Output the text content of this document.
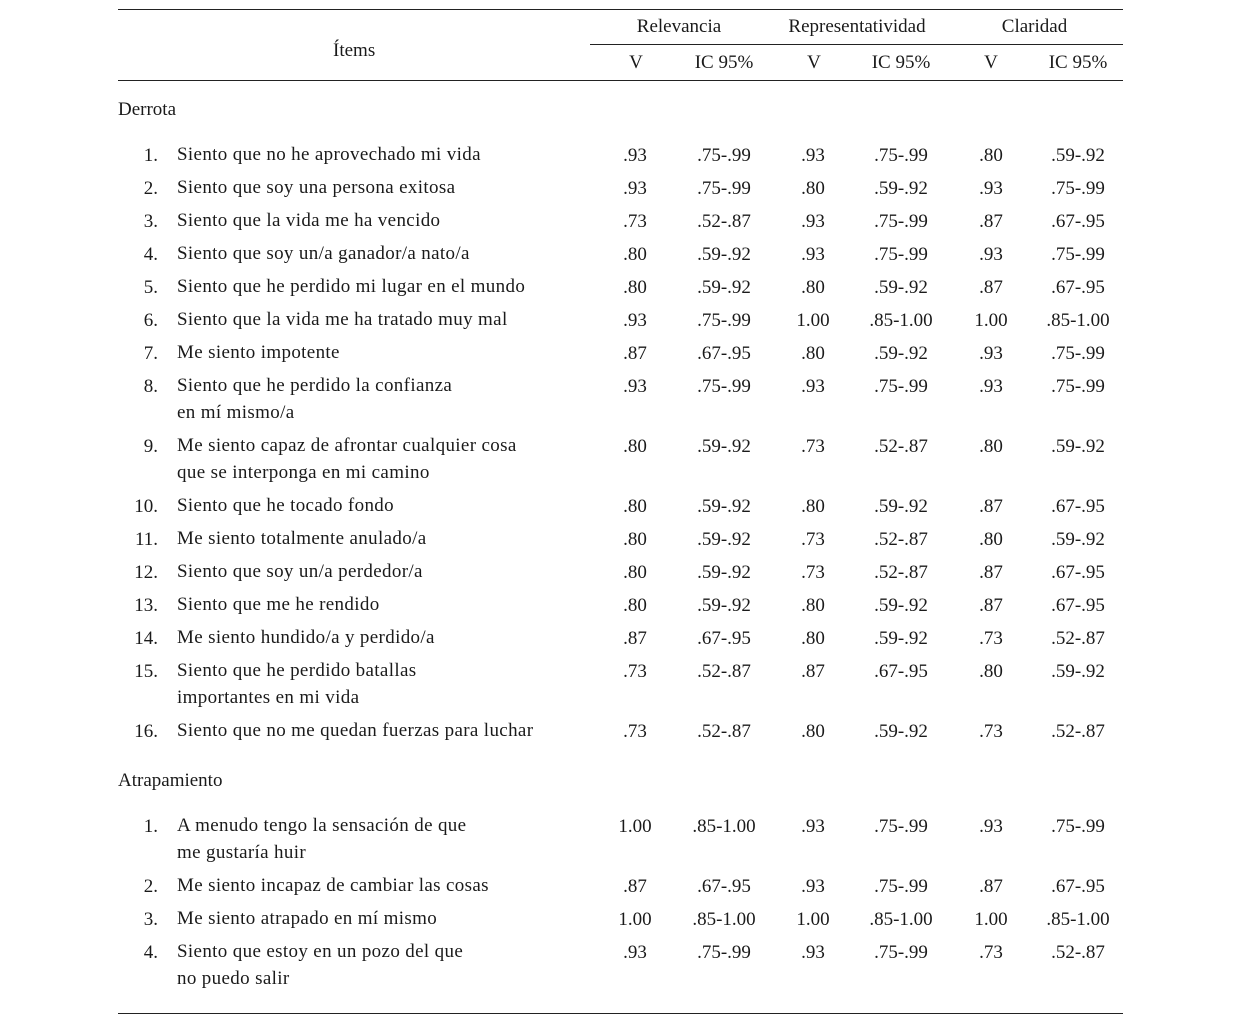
Ítems
Relevancia	Representatividad	Claridad
V	IC 95%	V	IC 95%	V	IC 95%
Derrota
1. Siento que no he aprovechado mi vida	.93	.75-.99	.93	.75-.99	.80	.59-.92
2. Siento que soy una persona exitosa	.93	.75-.99	.80	.59-.92	.93	.75-.99
3. Siento que la vida me ha vencido	.73	.52-.87	.93	.75-.99	.87	.67-.95
4. Siento que soy un/a ganador/a nato/a	.80	.59-.92	.93	.75-.99	.93	.75-.99
5. Siento que he perdido mi lugar en el mundo	.80	.59-.92	.80	.59-.92	.87	.67-.95
6. Siento que la vida me ha tratado muy mal	.93	.75-.99	1.00	.85-1.00	1.00	.85-1.00
7. Me siento impotente	.87	.67-.95	.80	.59-.92	.93	.75-.99
8. Siento que he perdido la confianza
en mí mismo/a
.93	.75-.99	.93	.75-.99	.93	.75-.99
9. Me siento capaz de afrontar cualquier cosa
que se interponga en mi camino
.80	.59-.92	.73	.52-.87	.80	.59-.92
10. Siento que he tocado fondo	.80	.59-.92	.80	.59-.92	.87	.67-.95
11. Me siento totalmente anulado/a	.80	.59-.92	.73	.52-.87	.80	.59-.92
12. Siento que soy un/a perdedor/a	.80	.59-.92	.73	.52-.87	.87	.67-.95
13. Siento que me he rendido	.80	.59-.92	.80	.59-.92	.87	.67-.95
14. Me siento hundido/a y perdido/a	.87	.67-.95	.80	.59-.92	.73	.52-.87
15. Siento que he perdido batallas
importantes en mi vida
.73	.52-.87	.87	.67-.95	.80	.59-.92
16. Siento que no me quedan fuerzas para luchar	.73	.52-.87	.80	.59-.92	.73	.52-.87
Atrapamiento
1. A menudo tengo la sensación de que
me gustaría huir
1.00	.85-1.00	.93	.75-.99	.93	.75-.99
2. Me siento incapaz de cambiar las cosas	.87	.67-.95	.93	.75-.99	.87	.67-.95
3. Me siento atrapado en mí mismo	1.00	.85-1.00	1.00	.85-1.00	1.00	.85-1.00
4. Siento que estoy en un pozo del que
no puedo salir
.93	.75-.99	.93	.75-.99	.73	.52-.87
